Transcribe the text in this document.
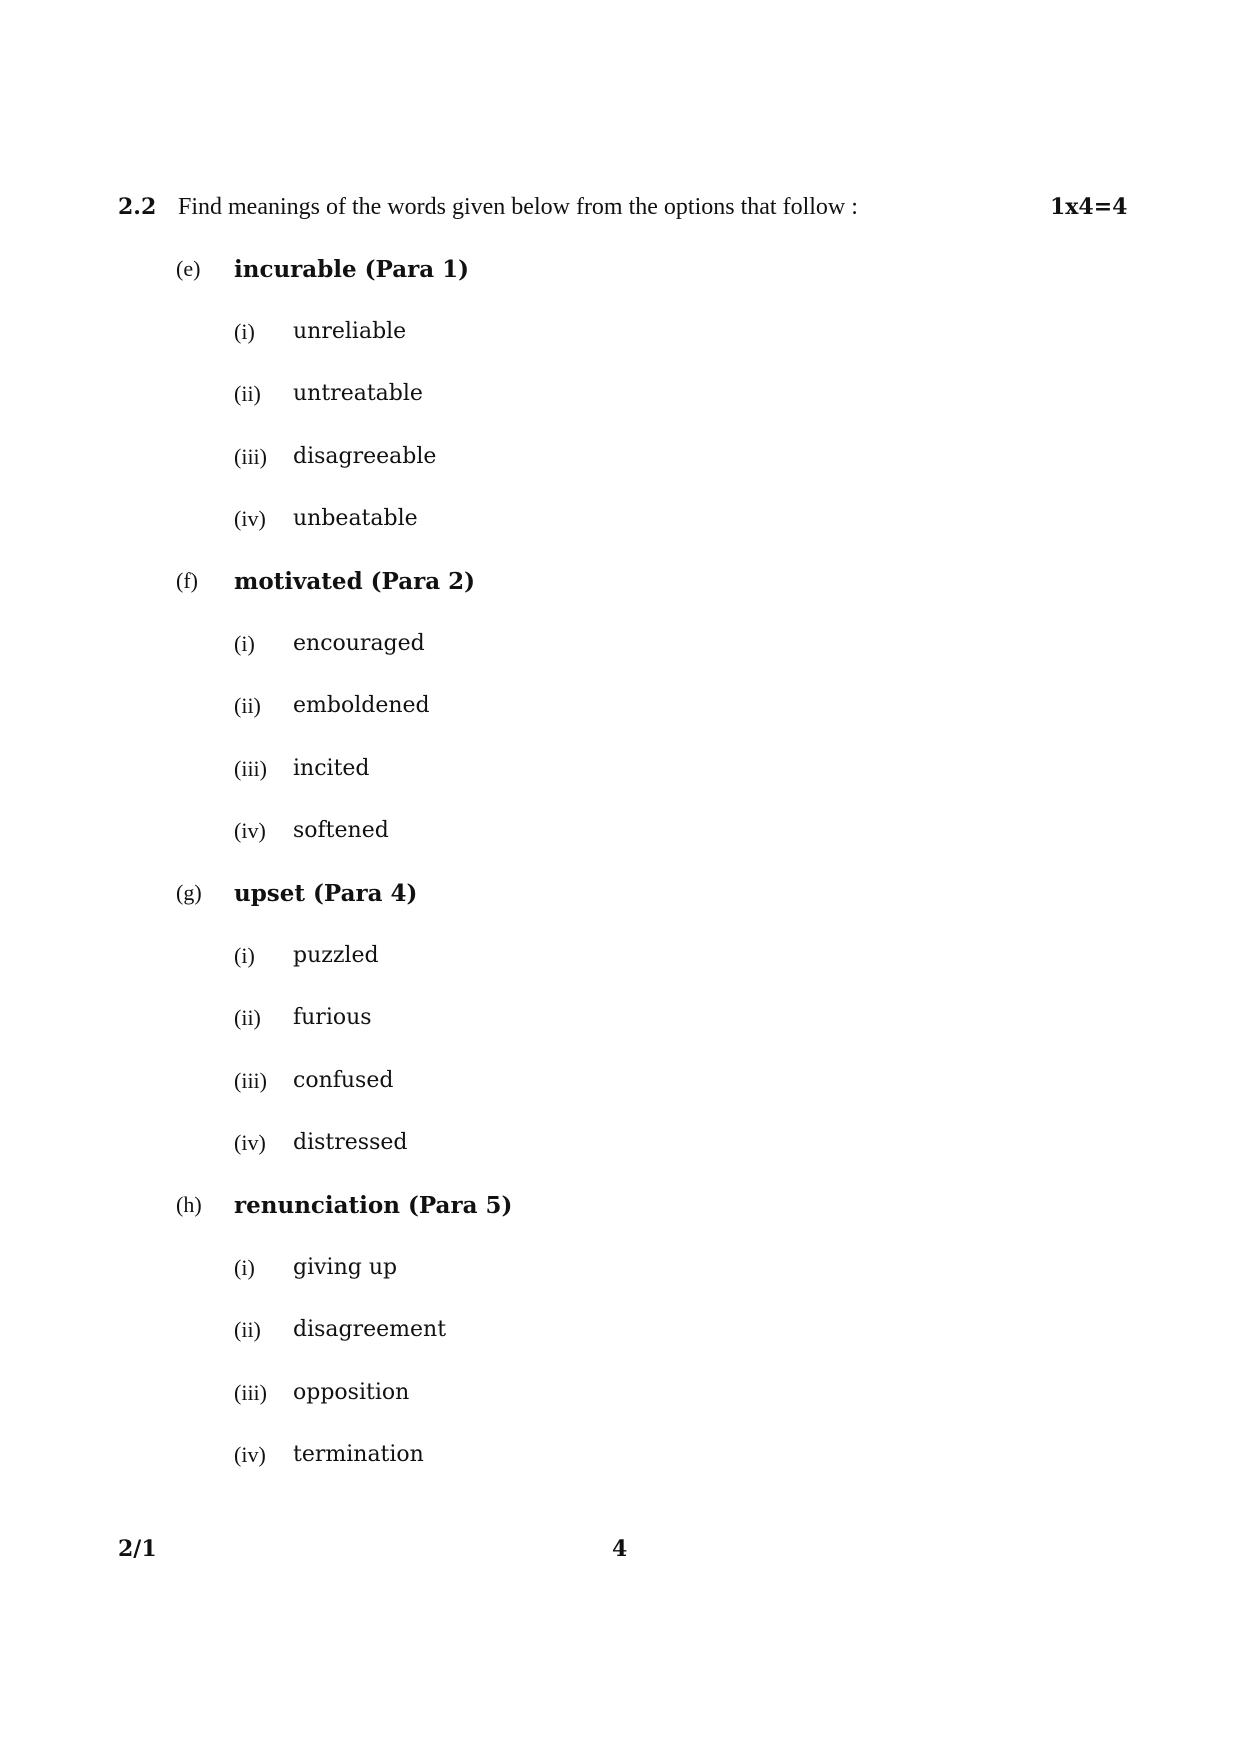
2.2 Find meanings of the words given below from the options that follow :	1x4=4
(e) incurable (Para 1)
(i) unreliable
(ii) untreatable
(iii) disagreeable
(iv) unbeatable
(f) motivated (Para 2)
(i) encouraged
(ii) emboldened
(iii) incited
(iv) softened
(g) upset (Para 4)
(i) puzzled
(ii) furious
(iii) confused
(iv) distressed
(h) renunciation (Para 5)
(i) giving up
(ii) disagreement
(iii) opposition
(iv) termination
2/1	4
